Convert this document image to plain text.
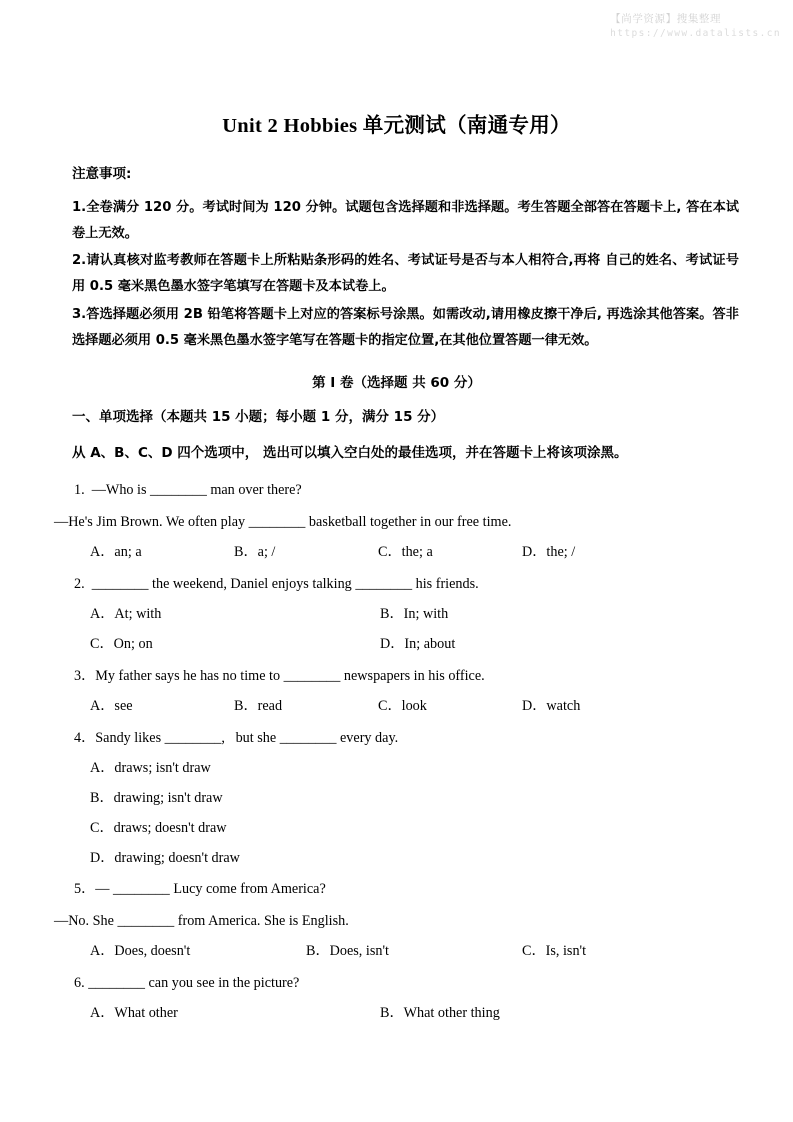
【尚学资源】搜集整理
https://www.datalists.cn
Unit 2 Hobbies 单元测试（南通专用）
注意事项:
1.全卷满分 120 分。考试时间为 120 分钟。试题包含选择题和非选择题。考生答题全部答在答题卡上, 答在本试卷上无效。
2.请认真核对监考教师在答题卡上所粘贴条形码的姓名、考试证号是否与本人相符合,再将 自己的姓名、考试证号用 0.5 毫米黑色墨水签字笔填写在答题卡及本试卷上。
3.答选择题必须用 2B 铅笔将答题卡上对应的答案标号涂黑。如需改动,请用橡皮擦干净后, 再选涂其他答案。答非选择题必须用 0.5 毫米黑色墨水签字笔写在答题卡的指定位置,在其他位置答题一律无效。
第 I 卷（选择题 共 60 分）
一、单项选择（本题共 15 小题；每小题 1 分，满分 15 分）
从 A、B、C、D 四个选项中， 选出可以填入空白处的最佳选项，并在答题卡上将该项涂黑。
1.  —Who is ________ man over there?
—He's Jim Brown. We often play ________ basketball together in our free time.
A．an; a	B．a; /	C．the; a	D．the; /
2.  ________ the weekend, Daniel enjoys talking ________ his friends.
A．At; with	B．In; with
C．On; on	D．In; about
3．My father says he has no time to ________ newspapers in his office.
A．see	B．read	C．look	D．watch
4．Sandy likes ________,   but she ________ every day.
A．draws; isn't draw
B．drawing; isn't draw
C．draws; doesn't draw
D．drawing; doesn't draw
5．— ________ Lucy come from America?
—No. She ________ from America. She is English.
A．Does, doesn't	B．Does, isn't	C．Is, isn't
6. ________ can you see in the picture?
A．What other	B．What other thing
